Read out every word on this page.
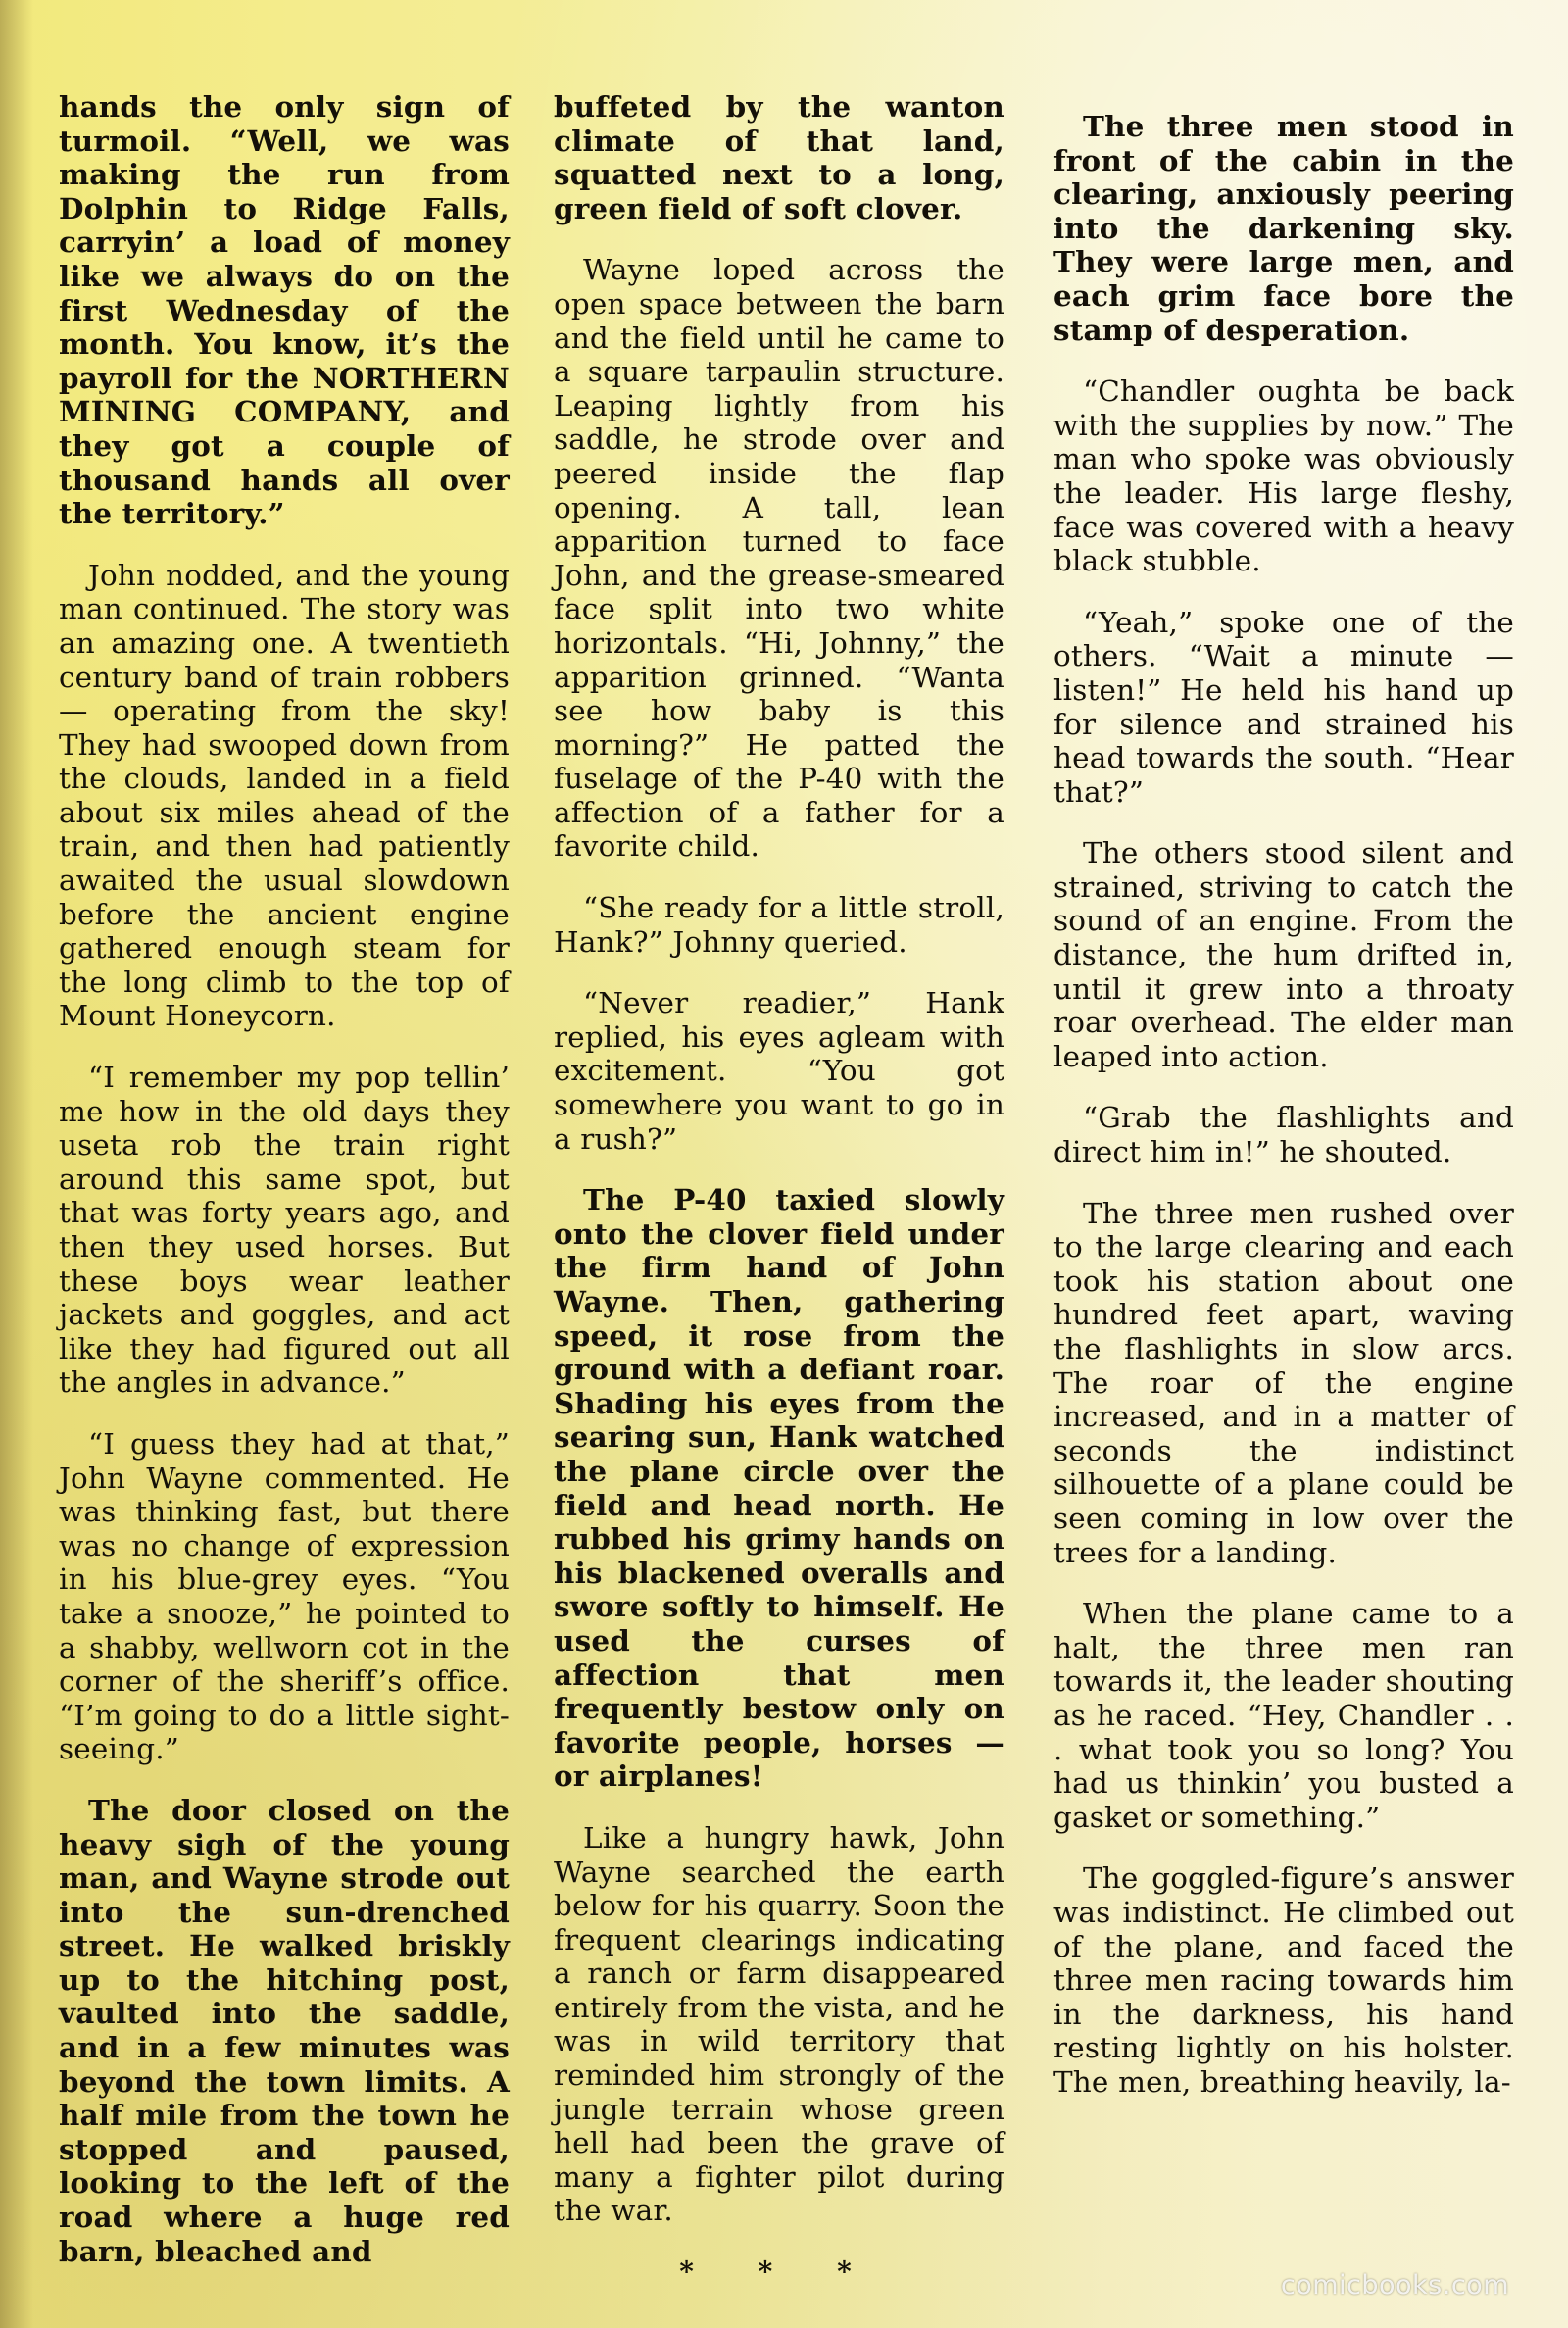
hands the only sign of turmoil. “Well, we was making the run from Dolphin to Ridge Falls, carryin’ a load of money like we always do on the first Wednesday of the month. You know, it’s the payroll for the NORTHERN MINING COMPANY, and they got a couple of thousand hands all over the territory.”

John nodded, and the young man continued. The story was an amazing one. A twentieth century band of train robbers — operating from the sky! They had swooped down from the clouds, landed in a field about six miles ahead of the train, and then had patiently awaited the usual slowdown before the ancient engine gathered enough steam for the long climb to the top of Mount Honeycorn.

“I remember my pop tellin’ me how in the old days they useta rob the train right around this same spot, but that was forty years ago, and then they used horses. But these boys wear leather jackets and goggles, and act like they had figured out all the angles in advance.”

“I guess they had at that,” John Wayne commented. He was thinking fast, but there was no change of expression in his blue-grey eyes. “You take a snooze,” he pointed to a shabby, wellworn cot in the corner of the sheriff’s office. “I’m going to do a little sight-seeing.”

The door closed on the heavy sigh of the young man, and Wayne strode out into the sun-drenched street. He walked briskly up to the hitching post, vaulted into the saddle, and in a few minutes was beyond the town limits. A half mile from the town he stopped and paused, looking to the left of the road where a huge red barn, bleached and

buffeted by the wanton climate of that land, squatted next to a long, green field of soft clover.

Wayne loped across the open space between the barn and the field until he came to a square tarpaulin structure. Leaping lightly from his saddle, he strode over and peered inside the flap opening. A tall, lean apparition turned to face John, and the grease-smeared face split into two white horizontals. “Hi, Johnny,” the apparition grinned. “Wanta see how baby is this morning?” He patted the fuselage of the P-40 with the affection of a father for a favorite child.

“She ready for a little stroll, Hank?” Johnny queried.

“Never readier,” Hank replied, his eyes agleam with excitement. “You got somewhere you want to go in a rush?”

The P-40 taxied slowly onto the clover field under the firm hand of John Wayne. Then, gathering speed, it rose from the ground with a defiant roar. Shading his eyes from the searing sun, Hank watched the plane circle over the field and head north. He rubbed his grimy hands on his blackened overalls and swore softly to himself. He used the curses of affection that men frequently bestow only on favorite people, horses — or airplanes!

Like a hungry hawk, John Wayne searched the earth below for his quarry. Soon the frequent clearings indicating a ranch or farm disappeared entirely from the vista, and he was in wild territory that reminded him strongly of the jungle terrain whose green hell had been the grave of many a fighter pilot during the war.

* * *

The three men stood in front of the cabin in the clearing, anxiously peering into the darkening sky. They were large men, and each grim face bore the stamp of desperation.

“Chandler oughta be back with the supplies by now.” The man who spoke was obviously the leader. His large fleshy, face was covered with a heavy black stubble.

“Yeah,” spoke one of the others. “Wait a minute — listen!” He held his hand up for silence and strained his head towards the south. “Hear that?”

The others stood silent and strained, striving to catch the sound of an engine. From the distance, the hum drifted in, until it grew into a throaty roar overhead. The elder man leaped into action.

“Grab the flashlights and direct him in!” he shouted.

The three men rushed over to the large clearing and each took his station about one hundred feet apart, waving the flashlights in slow arcs. The roar of the engine increased, and in a matter of seconds the indistinct silhouette of a plane could be seen coming in low over the trees for a landing.

When the plane came to a halt, the three men ran towards it, the leader shouting as he raced. “Hey, Chandler . . . what took you so long? You had us thinkin’ you busted a gasket or something.”

The goggled-figure’s answer was indistinct. He climbed out of the plane, and faced the three men racing towards him in the darkness, his hand resting lightly on his holster. The men, breathing heavily, la-

comicbooks.com
